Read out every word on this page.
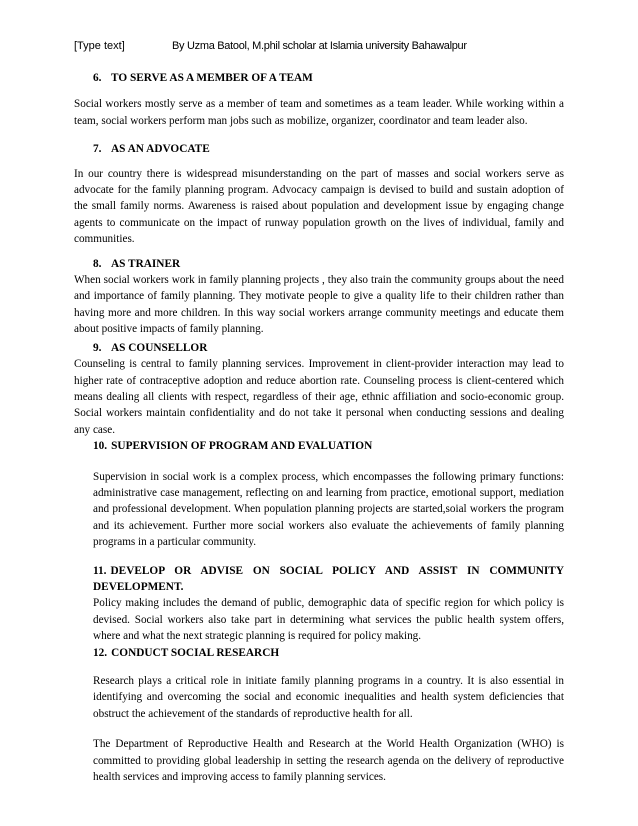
[Type text]	By Uzma Batool, M.phil scholar at Islamia university Bahawalpur
6. TO SERVE AS A MEMBER OF A TEAM

Social workers mostly serve as a member of team and sometimes as a team leader. While working within a team, social workers perform man jobs such as mobilize, organizer, coordinator and team leader also.

7. AS AN ADVOCATE

In our country there is widespread misunderstanding on the part of masses and social workers serve as advocate for the family planning program. Advocacy campaign is devised to build and sustain adoption of the small family norms. Awareness is raised about population and development issue by engaging change agents to communicate on the impact of runway population growth on the lives of individual, family and communities.

8. AS TRAINER

When social workers work in family planning projects , they also train the community groups about the need and importance of family planning. They motivate people to give a quality life to their children rather than having more and more children. In this way social workers arrange community meetings and educate them about positive impacts of family planning.

9. AS COUNSELLOR

Counseling is central to family planning services. Improvement in client-provider interaction may lead to higher rate of contraceptive adoption and reduce abortion rate. Counseling process is client-centered which means dealing all clients with respect, regardless of their age, ethnic affiliation and socio-economic group. Social workers maintain confidentiality and do not take it personal when conducting sessions and dealing any case.

10. SUPERVISION OF PROGRAM AND EVALUATION

Supervision in social work is a complex process, which encompasses the following primary functions: administrative case management, reflecting on and learning from practice, emotional support, mediation and professional development. When population planning projects are started,soial workers the program and its achievement. Further more social workers also evaluate the achievements of family planning programs in a particular community.

11. DEVELOP OR ADVISE ON SOCIAL POLICY AND ASSIST IN COMMUNITY DEVELOPMENT.

Policy making includes the demand of public, demographic data of specific region for which policy is devised. Social workers also take part in determining what services the public health system offers, where and what the next strategic planning is required for policy making.

12. CONDUCT SOCIAL RESEARCH

Research plays a critical role in initiate family planning programs in a country. It is also essential in identifying and overcoming the social and economic inequalities and health system deficiencies that obstruct the achievement of the standards of reproductive health for all.

The Department of Reproductive Health and Research at the World Health Organization (WHO) is committed to providing global leadership in setting the research agenda on the delivery of reproductive health services and improving access to family planning services.
